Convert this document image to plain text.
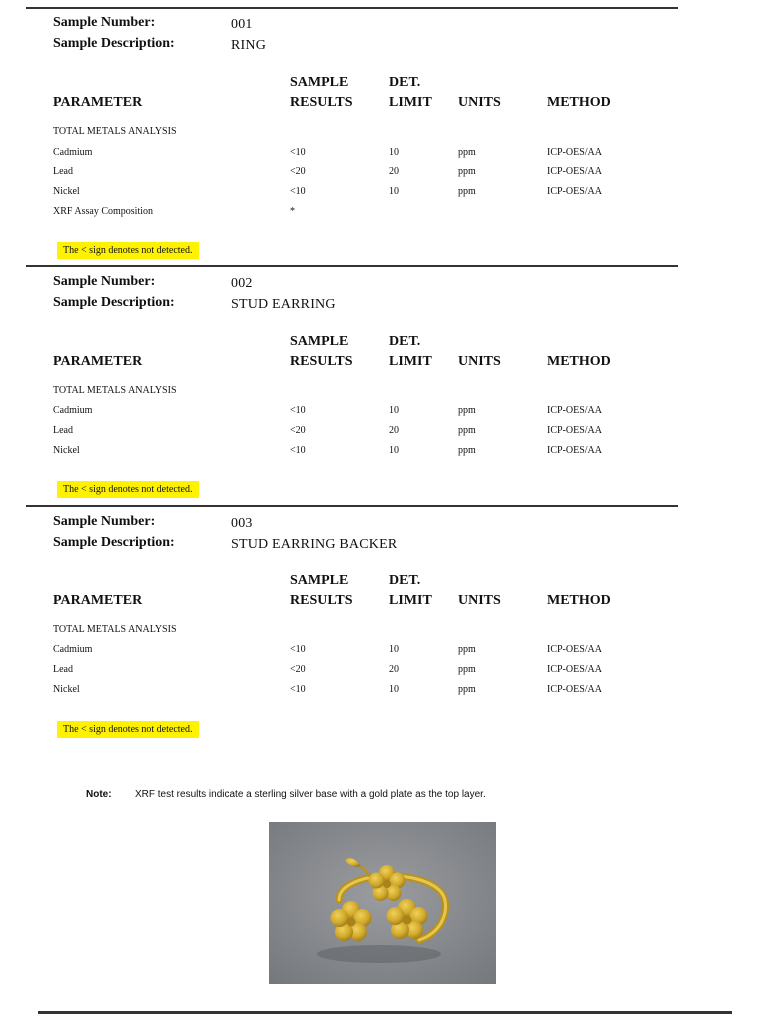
Sample Number:	001
Sample Description:	RING
SAMPLE	DET.
PARAMETER	RESULTS	LIMIT UNITS	METHOD
TOTAL METALS ANALYSIS
Cadmium	<10	10	ppm	ICP-OES/AA
Lead	<20	20	ppm	ICP-OES/AA
Nickel	<10	10	ppm	ICP-OES/AA
XRF Assay Composition	*
The < sign denotes not detected.
Sample Number:	002
Sample Description:	STUD EARRING
SAMPLE	DET.
PARAMETER	RESULTS	LIMIT UNITS	METHOD
TOTAL METALS ANALYSIS
Cadmium	<10	10	ppm	ICP-OES/AA
Lead	<20	20	ppm	ICP-OES/AA
Nickel	<10	10	ppm	ICP-OES/AA
The < sign denotes not detected.
Sample Number:	003
Sample Description:	STUD EARRING BACKER
SAMPLE	DET.
PARAMETER	RESULTS	LIMIT UNITS	METHOD
TOTAL METALS ANALYSIS
Cadmium	<10	10	ppm	ICP-OES/AA
Lead	<20	20	ppm	ICP-OES/AA
Nickel	<10	10	ppm	ICP-OES/AA
The < sign denotes not detected.
Note: XRF test results indicate a sterling silver base with a gold plate as the top layer.
